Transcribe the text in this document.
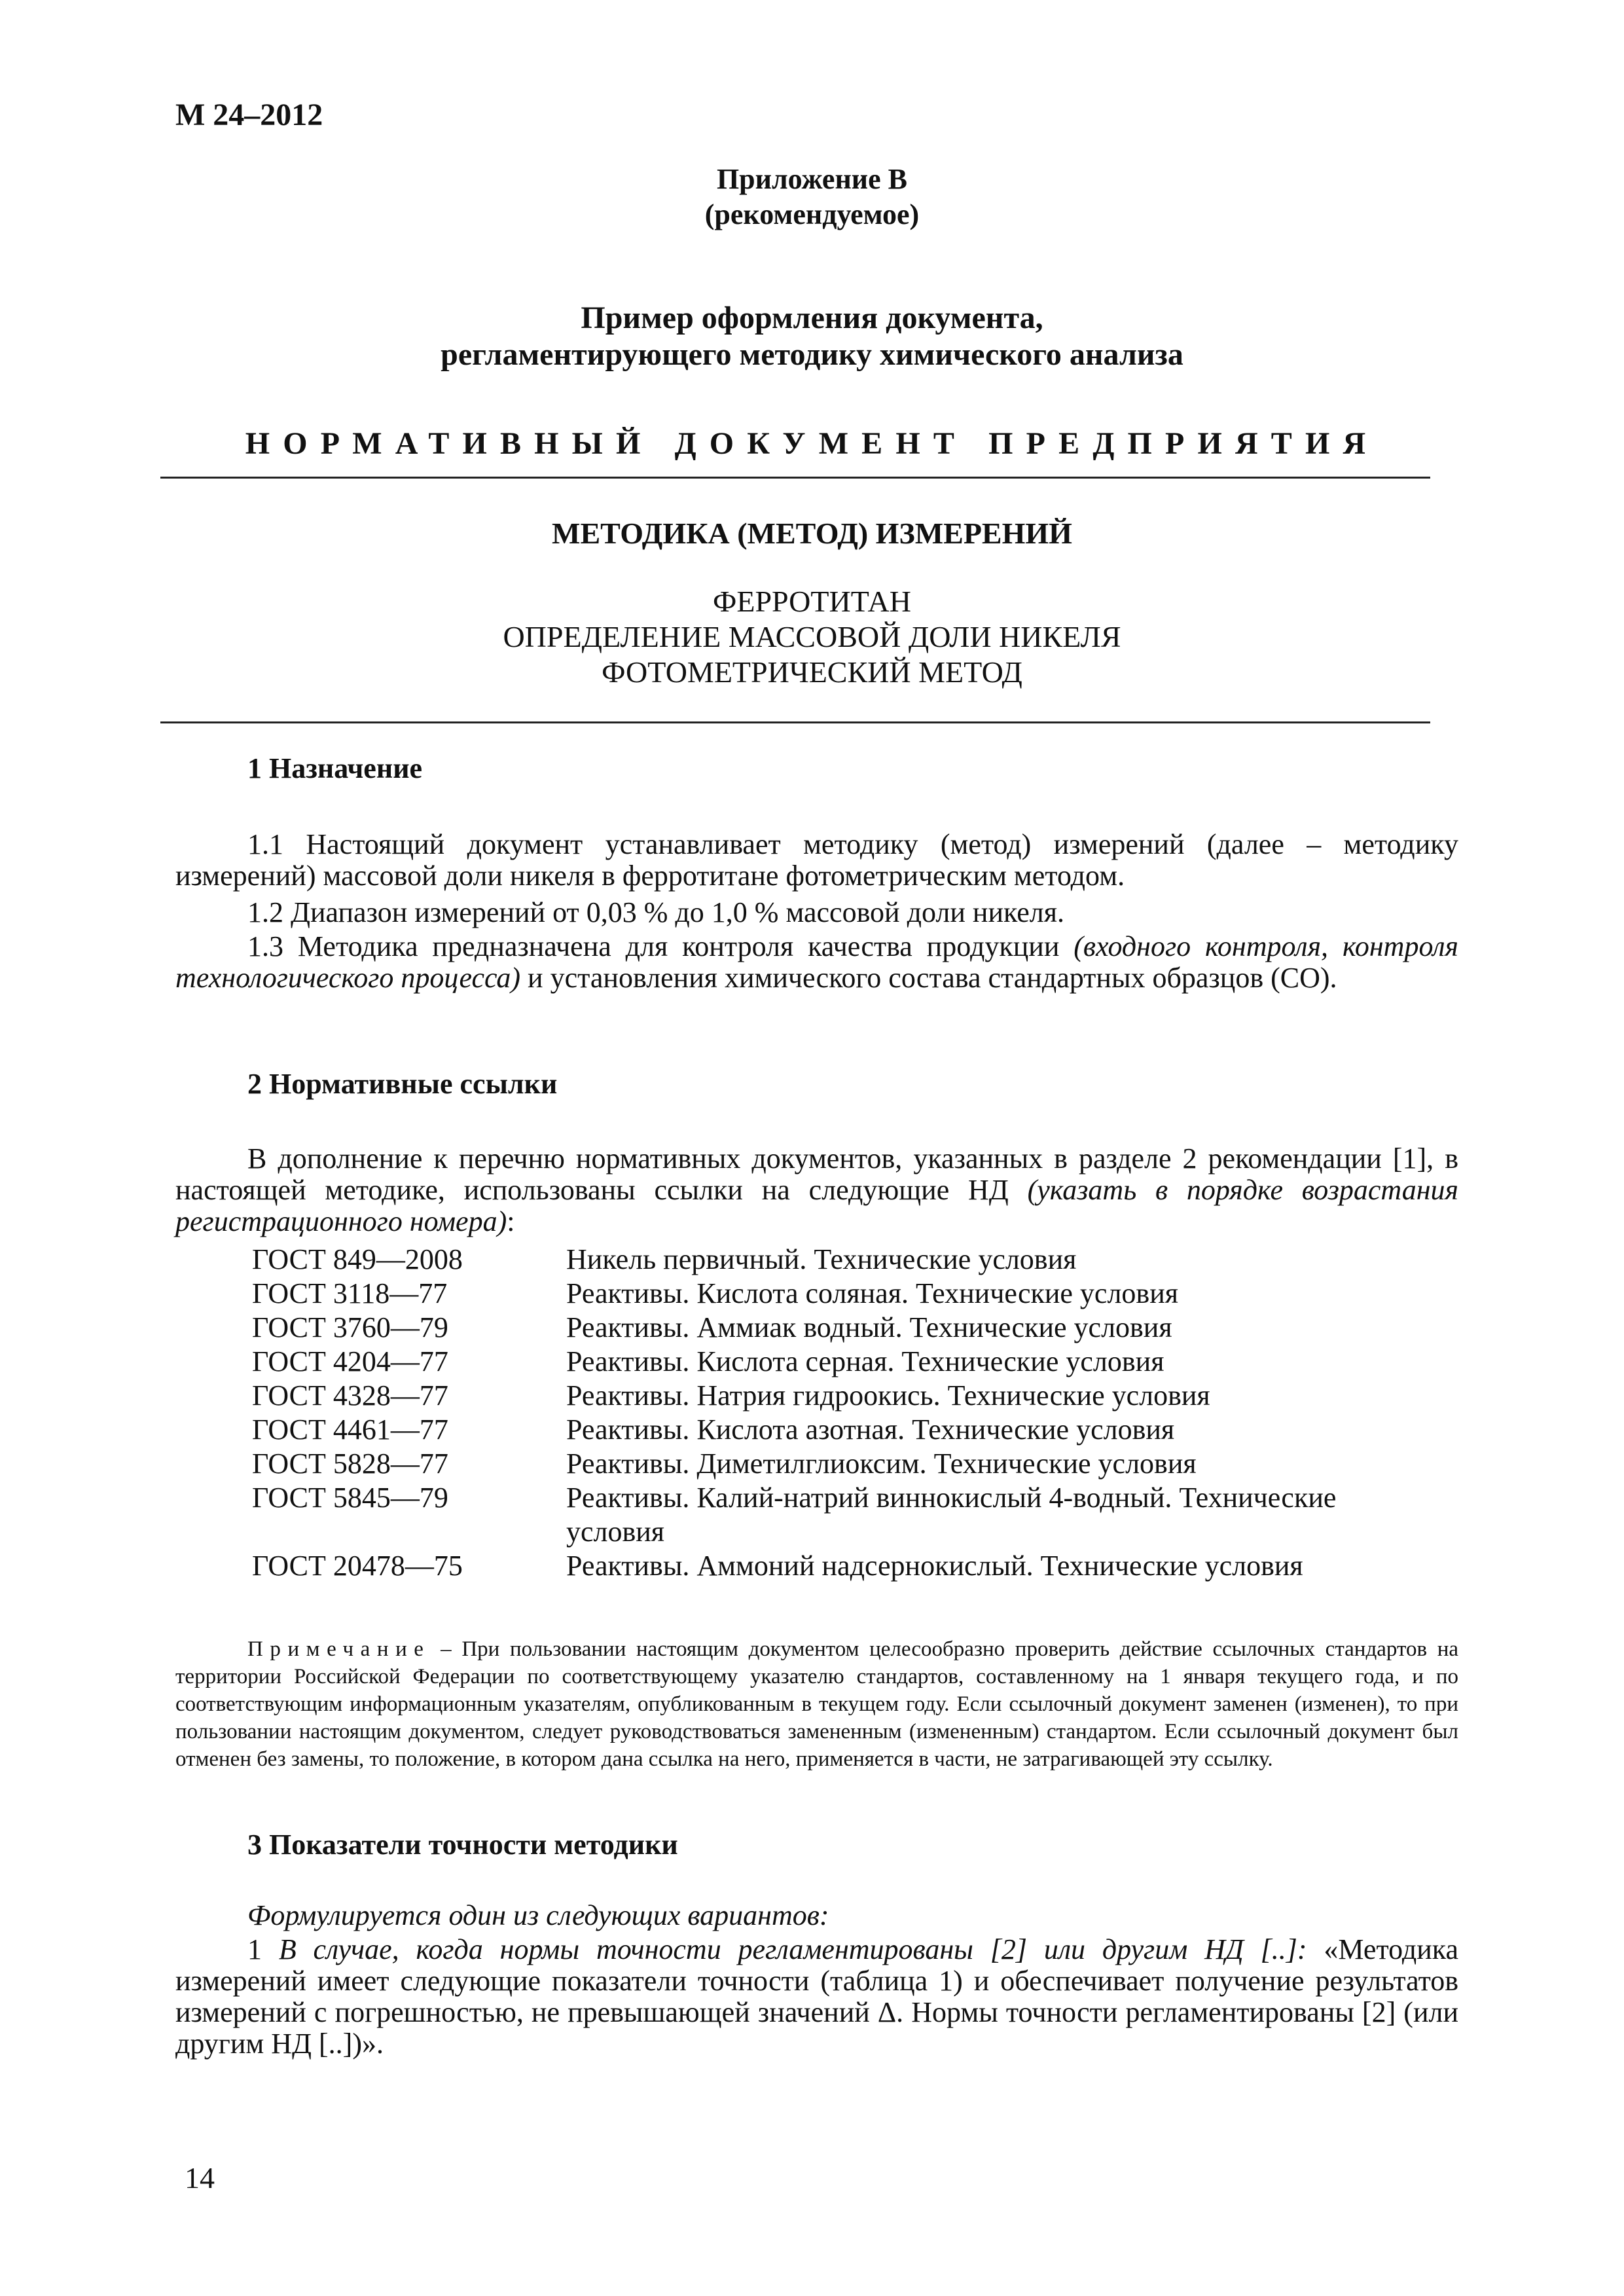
М 24–2012
Приложение В
(рекомендуемое)
Пример оформления документа,
регламентирующего методику химического анализа
НОРМАТИВНЫЙ ДОКУМЕНТ ПРЕДПРИЯТИЯ
МЕТОДИКА (МЕТОД) ИЗМЕРЕНИЙ
ФЕРРОТИТАН
ОПРЕДЕЛЕНИЕ МАССОВОЙ ДОЛИ НИКЕЛЯ
ФОТОМЕТРИЧЕСКИЙ МЕТОД
1 Назначение
1.1 Настоящий документ устанавливает методику (метод) измерений (далее – методику измерений) массовой доли никеля в ферротитане фотометрическим методом.
1.2 Диапазон измерений от 0,03 % до 1,0 % массовой доли никеля.
1.3 Методика предназначена для контроля качества продукции (входного контроля, контроля технологического процесса) и установления химического состава стандартных образцов (СО).
2 Нормативные ссылки
В дополнение к перечню нормативных документов, указанных в разделе 2 рекомендации [1], в настоящей методике, использованы ссылки на следующие НД (указать в порядке возрастания регистрационного номера):
ГОСТ 849—2008	Никель первичный. Технические условия
ГОСТ 3118—77	Реактивы. Кислота соляная. Технические условия
ГОСТ 3760—79	Реактивы. Аммиак водный. Технические условия
ГОСТ 4204—77	Реактивы. Кислота серная. Технические условия
ГОСТ 4328—77	Реактивы. Натрия гидроокись. Технические условия
ГОСТ 4461—77	Реактивы. Кислота азотная. Технические условия
ГОСТ 5828—77	Реактивы. Диметилглиоксим. Технические условия
ГОСТ 5845—79	Реактивы. Калий-натрий виннокислый 4-водный. Технические условия
ГОСТ 20478—75	Реактивы. Аммоний надсернокислый. Технические условия
Примечание – При пользовании настоящим документом целесообразно проверить действие ссылочных стандартов на территории Российской Федерации по соответствующему указателю стандартов, составленному на 1 января текущего года, и по соответствующим информационным указателям, опубликованным в текущем году. Если ссылочный документ заменен (изменен), то при пользовании настоящим документом, следует руководствоваться замененным (измененным) стандартом. Если ссылочный документ был отменен без замены, то положение, в котором дана ссылка на него, применяется в части, не затрагивающей эту ссылку.
3 Показатели точности методики
Формулируется один из следующих вариантов:
1 В случае, когда нормы точности регламентированы [2] или другим НД [..]: «Методика измерений имеет следующие показатели точности (таблица 1) и обеспечивает получение результатов измерений с погрешностью, не превышающей значений Δ. Нормы точности регламентированы [2] (или другим НД [..])».
14
